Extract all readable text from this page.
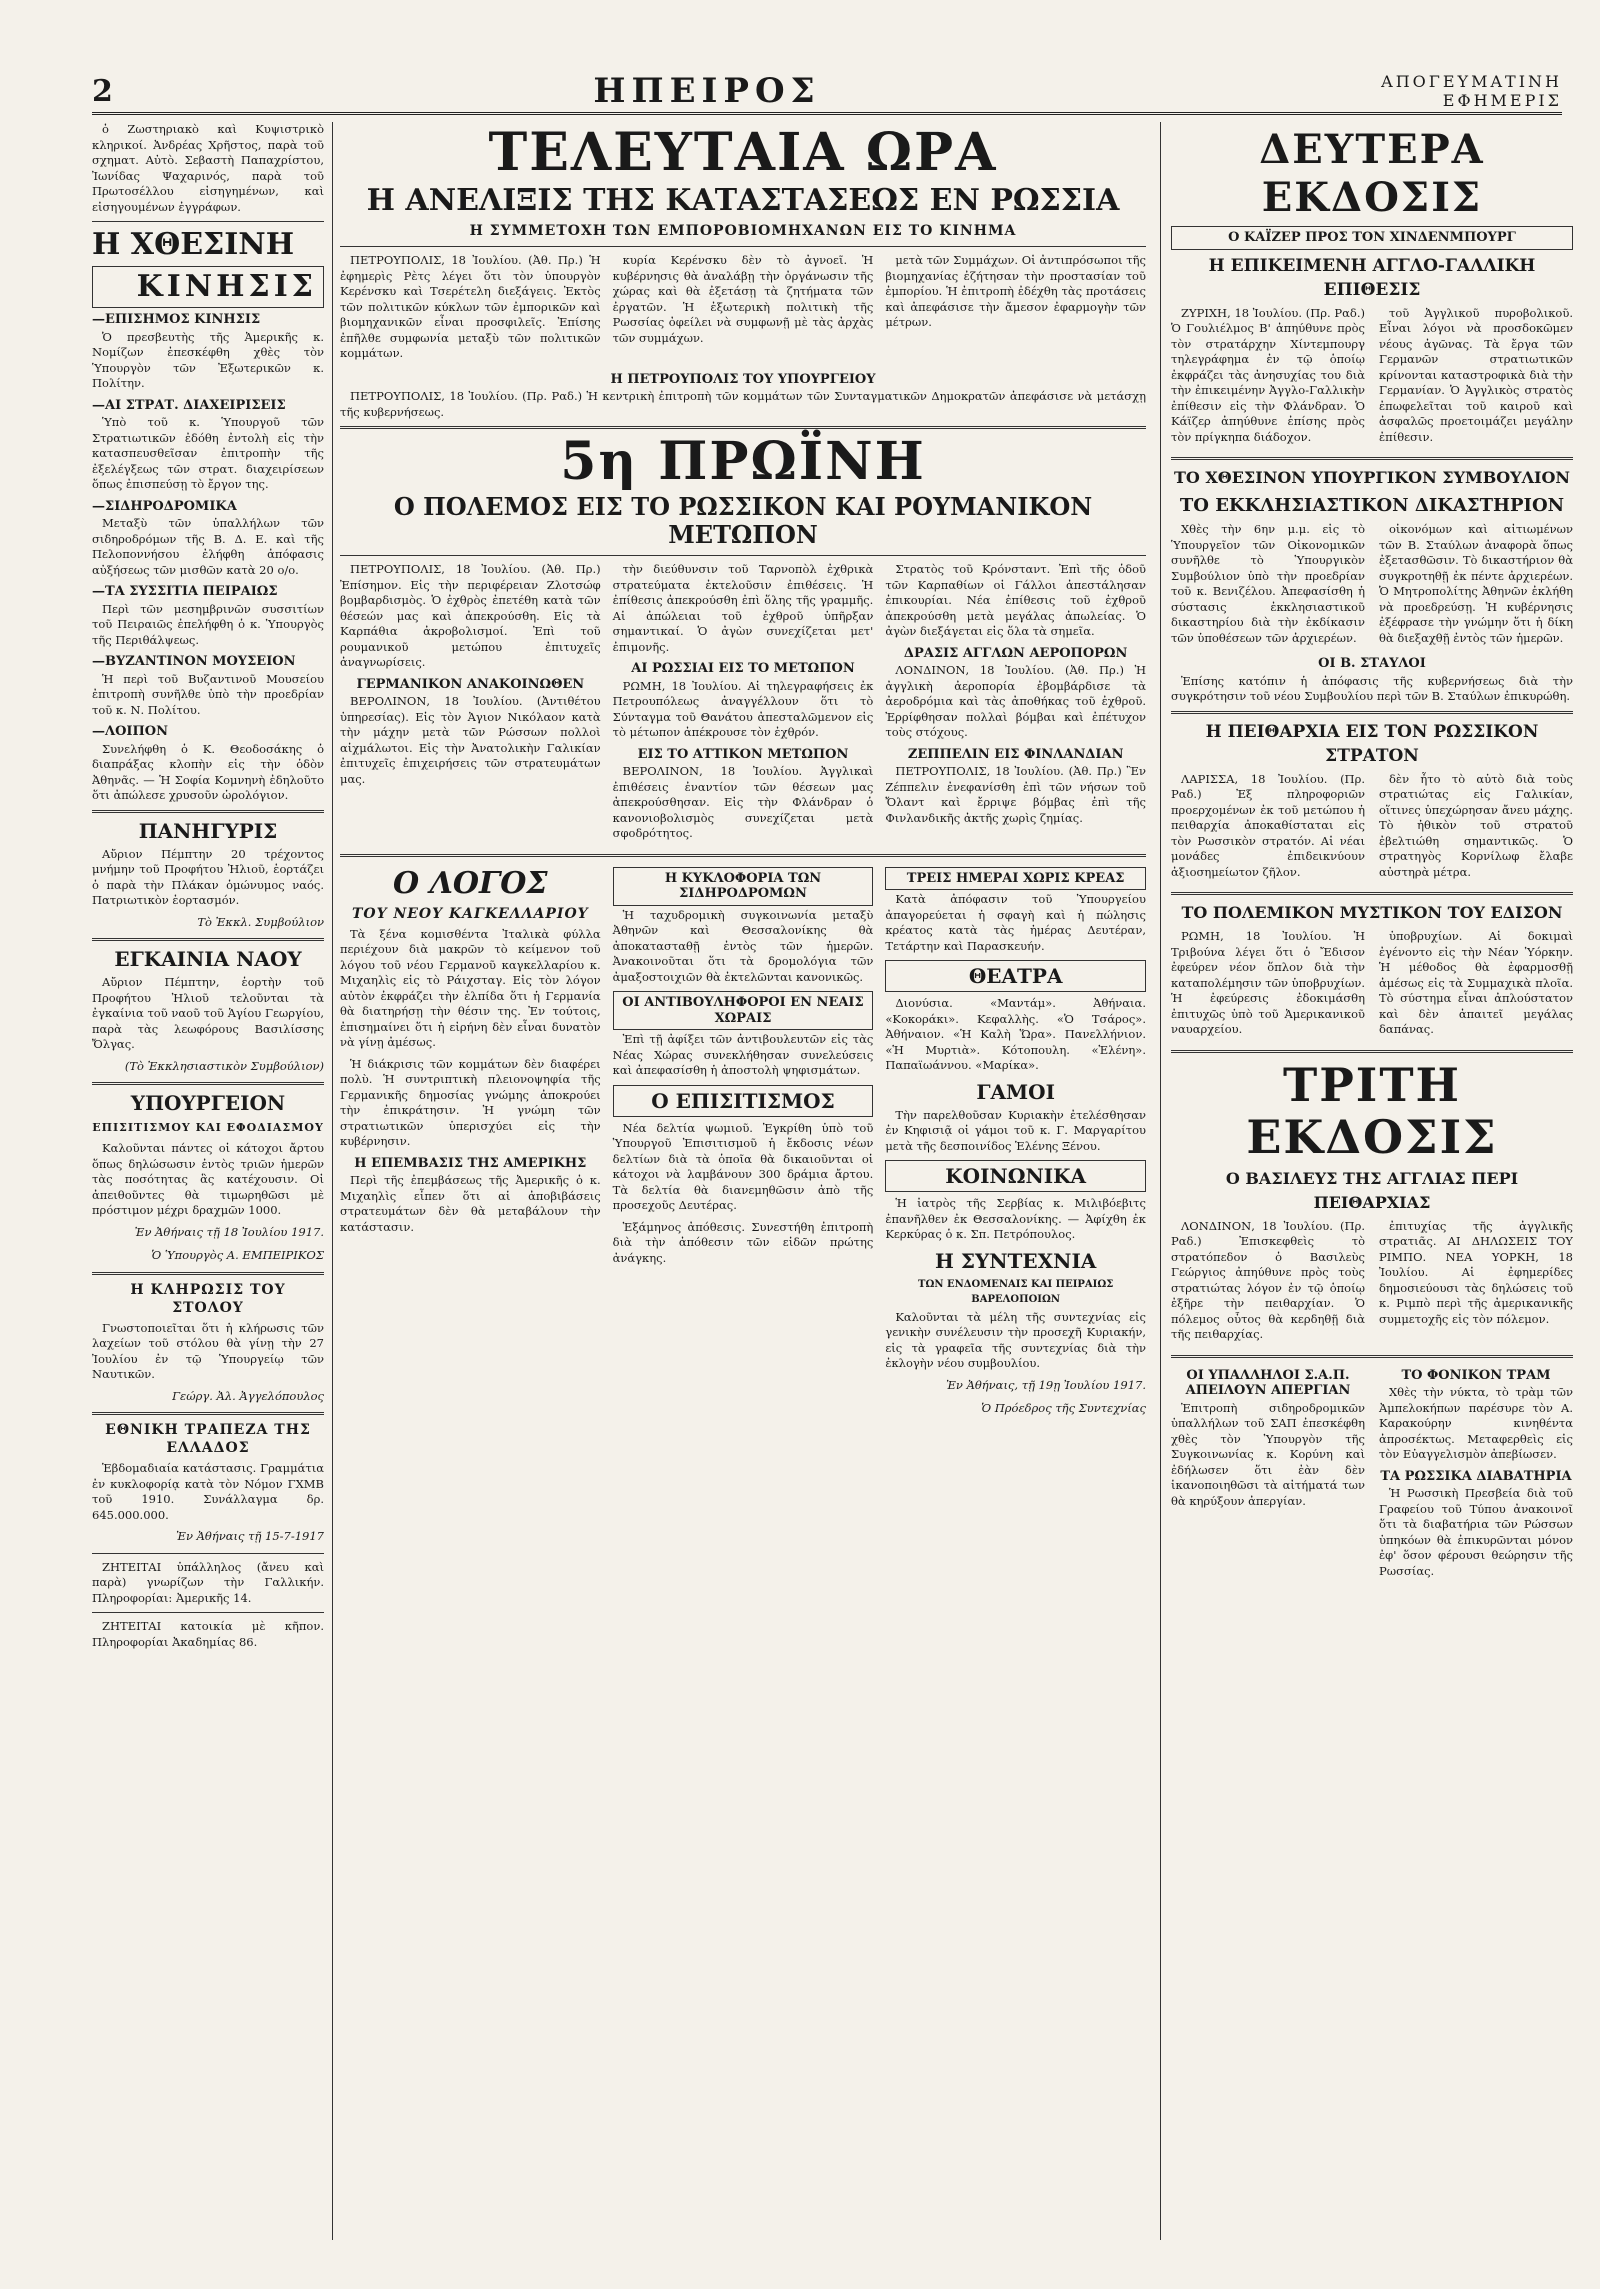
2	ΗΠΕΙΡΟΣ	ΑΠΟΓΕΥΜΑΤΙΝΗ ΕΦΗΜΕΡΙΣ

ὁ Ζωστηριακὸ καὶ Κυψιστρικὸ κληρικοί. Ἀνδρέας Χρῆστος, παρὰ τοῦ σχηματ. Αὐτὸ. Σεβαστὴ Παπαχρίστου, Ἰωνίδας Ψαχαρινός, παρὰ τοῦ Πρωτοσέλλου εἰσηγημένων, καὶ εἰσηγουμένων ἐγγράφων.

Η ΧΘΕΣΙΝΗ
ΚΙΝΗΣΙΣ
—ΕΠΙΣΗΜΟΣ ΚΙΝΗΣΙΣ

Ὁ πρεσβευτὴς τῆς Ἀμερικῆς κ. Νομίζων ἐπεσκέφθη χθὲς τὸν Ὑπουργὸν τῶν Ἐξωτερικῶν κ. Πολίτην.

—ΑΙ ΣΤΡΑΤ. ΔΙΑΧΕΙΡΙΣΕΙΣ

Ὑπὸ τοῦ κ. Ὑπουργοῦ τῶν Στρατιωτικῶν ἐδόθη ἐντολὴ εἰς τὴν κατασπευσθεῖσαν ἐπιτροπὴν τῆς ἐξελέγξεως τῶν στρατ. διαχειρίσεων ὅπως ἐπισπεύσῃ τὸ ἔργον της.

—ΣΙΔΗΡΟΔΡΟΜΙΚΑ

Μεταξὺ τῶν ὑπαλλήλων τῶν σιδηροδρόμων τῆς Β. Δ. Ε. καὶ τῆς Πελοποννήσου ἐλήφθη ἀπόφασις αὐξήσεως τῶν μισθῶν κατὰ 20 ο/ο.

—ΤΑ ΣΥΣΣΙΤΙΑ ΠΕΙΡΑΙΩΣ

Περὶ τῶν μεσημβρινῶν συσσιτίων τοῦ Πειραιῶς ἐπελήφθη ὁ κ. Ὑπουργὸς τῆς Περιθάλψεως.

—ΒΥΖΑΝΤΙΝΟΝ ΜΟΥΣΕΙΟΝ

Ἡ περὶ τοῦ Βυζαντινοῦ Μουσείου ἐπιτροπὴ συνῆλθε ὑπὸ τὴν προεδρίαν τοῦ κ. Ν. Πολίτου.

—ΛΟΙΠΟΝ

Συνελήφθη ὁ Κ. Θεοδοσάκης ὁ διαπράξας κλοπὴν εἰς τὴν ὁδὸν Ἀθηνᾶς. — Ἡ Σοφία Κομνηνὴ ἐδηλοῦτο ὅτι ἀπώλεσε χρυσοῦν ὡρολόγιον.

ΠΑΝΗΓΥΡΙΣ

Αὔριον Πέμπτην 20 τρέχοντος μνήμην τοῦ Προφήτου Ἠλιοῦ, ἑορτάζει ὁ παρὰ τὴν Πλάκαν ὁμώνυμος ναός. Πατριωτικὸν ἑορτασμόν.

Τὸ Ἐκκλ. Συμβούλιον
ΕΓΚΑΙΝΙΑ ΝΑΟΥ

Αὔριον Πέμπτην, ἑορτὴν τοῦ Προφήτου Ἠλιοῦ τελοῦνται τὰ ἐγκαίνια τοῦ ναοῦ τοῦ Ἁγίου Γεωργίου, παρὰ τὰς λεωφόρους Βασιλίσσης Ὄλγας.

(Τὸ Ἐκκλησιαστικὸν Συμβούλιον)
ΥΠΟΥΡΓΕΙΟΝ
ΕΠΙΣΙΤΙΣΜΟΥ ΚΑΙ ΕΦΟΔΙΑΣΜΟΥ

Καλοῦνται πάντες οἱ κάτοχοι ἄρτου ὅπως δηλώσωσιν ἐντὸς τριῶν ἡμερῶν τὰς ποσότητας ἃς κατέχουσιν. Οἱ ἀπειθοῦντες θὰ τιμωρηθῶσι μὲ πρόστιμον μέχρι δραχμῶν 1000.

Ἐν Ἀθήναις τῇ 18 Ἰουλίου 1917.
Ὁ Ὑπουργὸς Α. ΕΜΠΕΙΡΙΚΟΣ
Η ΚΛΗΡΩΣΙΣ ΤΟΥ ΣΤΟΛΟΥ

Γνωστοποιεῖται ὅτι ἡ κλήρωσις τῶν λαχείων τοῦ στόλου θὰ γίνῃ τὴν 27 Ἰουλίου ἐν τῷ Ὑπουργείῳ τῶν Ναυτικῶν.

Γεώργ. Ἀλ. Ἀγγελόπουλος
ΕΘΝΙΚΗ ΤΡΑΠΕΖΑ ΤΗΣ ΕΛΛΑΔΟΣ

Ἑβδομαδιαία κατάστασις. Γραμμάτια ἐν κυκλοφορίᾳ κατὰ τὸν Νόμον ΓΧΜΒ τοῦ 1910. Συνάλλαγμα δρ. 645.000.000.

Ἐν Ἀθήναις τῇ 15-7-1917

ΖΗΤΕΙΤΑΙ ὑπάλληλος (ἄνευ καὶ παρὰ) γνωρίζων τὴν Γαλλικήν. Πληροφορίαι: Ἀμερικῆς 14.

ΖΗΤΕΙΤΑΙ κατοικία μὲ κῆπον. Πληροφορίαι Ἀκαδημίας 86.

ΤΕΛΕΥΤΑΙΑ ΩΡΑ
Η ΑΝΕΛΙΞΙΣ ΤΗΣ ΚΑΤΑΣΤΑΣΕΩΣ ΕΝ ΡΩΣΣΙΑ
Η ΣΥΜΜΕΤΟΧΗ ΤΩΝ ΕΜΠΟΡΟΒΙΟΜΗΧΑΝΩΝ ΕΙΣ ΤΟ ΚΙΝΗΜΑ

ΠΕΤΡΟΥΠΟΛΙΣ, 18 Ἰουλίου. (Ἀθ. Πρ.) Ἡ ἐφημερὶς Ρὲτς λέγει ὅτι τὸν ὑπουργὸν Κερένσκυ καὶ Τσερέτελη διεξάγεις. Ἐκτὸς τῶν πολιτικῶν κύκλων τῶν ἐμπορικῶν καὶ βιομηχανικῶν εἶναι προσφιλεῖς. Ἐπίσης ἐπῆλθε συμφωνία μεταξὺ τῶν πολιτικῶν κομμάτων.

κυρία Κερένσκυ δὲν τὸ ἀγνοεῖ. Ἡ κυβέρνησις θὰ ἀναλάβῃ τὴν ὀργάνωσιν τῆς χώρας καὶ θὰ ἐξετάσῃ τὰ ζητήματα τῶν ἐργατῶν. Ἡ ἐξωτερικὴ πολιτικὴ τῆς Ρωσσίας ὀφείλει νὰ συμφωνῇ μὲ τὰς ἀρχὰς τῶν συμμάχων.

μετὰ τῶν Συμμάχων. Οἱ ἀντιπρόσωποι τῆς βιομηχανίας ἐζήτησαν τὴν προστασίαν τοῦ ἐμπορίου. Ἡ ἐπιτροπὴ ἐδέχθη τὰς προτάσεις καὶ ἀπεφάσισε τὴν ἄμεσον ἐφαρμογὴν τῶν μέτρων.

Η ΠΕΤΡΟΥΠΟΛΙΣ ΤΟΥ ΥΠΟΥΡΓΕΙΟΥ

ΠΕΤΡΟΥΠΟΛΙΣ, 18 Ἰουλίου. (Πρ. Ραδ.) Ἡ κεντρικὴ ἐπιτροπὴ τῶν κομμάτων τῶν Συνταγματικῶν Δημοκρατῶν ἀπεφάσισε νὰ μετάσχῃ τῆς κυβερνήσεως.

5η ΠΡΩΪΝΗ
Ο ΠΟΛΕΜΟΣ ΕΙΣ ΤΟ ΡΩΣΣΙΚΟΝ ΚΑΙ ΡΟΥΜΑΝΙΚΟΝ ΜΕΤΩΠΟΝ

ΠΕΤΡΟΥΠΟΛΙΣ, 18 Ἰουλίου. (Ἀθ. Πρ.) Ἐπίσημον. Εἰς τὴν περιφέρειαν Ζλοτσώφ βομβαρδισμὸς. Ὁ ἐχθρὸς ἐπετέθη κατὰ τῶν θέσεών μας καὶ ἀπεκρούσθη. Εἰς τὰ Καρπάθια ἀκροβολισμοί. Ἐπὶ τοῦ ρουμανικοῦ μετώπου ἐπιτυχεῖς ἀναγνωρίσεις.

ΓΕΡΜΑΝΙΚΟΝ ΑΝΑΚΟΙΝΩΘΕΝ

ΒΕΡΟΛΙΝΟΝ, 18 Ἰουλίου. (Ἀντιθέτου ὑπηρεσίας). Εἰς τὸν Ἀγιον Νικόλαον κατὰ τὴν μάχην μετὰ τῶν Ρώσσων πολλοὶ αἰχμάλωτοι. Εἰς τὴν Ἀνατολικὴν Γαλικίαν ἐπιτυχεῖς ἐπιχειρήσεις τῶν στρατευμάτων μας.

τὴν διεύθυνσιν τοῦ Ταρνοπὸλ ἐχθρικὰ στρατεύματα ἐκτελοῦσιν ἐπιθέσεις. Ἡ ἐπίθεσις ἀπεκρούσθη ἐπὶ ὅλης τῆς γραμμῆς. Αἱ ἀπώλειαι τοῦ ἐχθροῦ ὑπῆρξαν σημαντικαί. Ὁ ἀγὼν συνεχίζεται μετ' ἐπιμονῆς.

ΑΙ ΡΩΣΣΙΑΙ ΕΙΣ ΤΟ ΜΕΤΩΠΟΝ

ΡΩΜΗ, 18 Ἰουλίου. Αἱ τηλεγραφήσεις ἐκ Πετρουπόλεως ἀναγγέλλουν ὅτι τὸ Σύνταγμα τοῦ Θανάτου ἀπεσταλῶμενον εἰς τὸ μέτωπον ἀπέκρουσε τὸν ἐχθρόν.

ΕΙΣ ΤΟ ΑΤΤΙΚΟΝ ΜΕΤΩΠΟΝ

ΒΕΡΟΛΙΝΟΝ, 18 Ἰουλίου. Ἀγγλικαὶ ἐπιθέσεις ἐναντίον τῶν θέσεων μας ἀπεκρούσθησαν. Εἰς τὴν Φλάνδραν ὁ κανονιοβολισμὸς συνεχίζεται μετὰ σφοδρότητος.

Στρατὸς τοῦ Κρόνσταντ. Ἐπὶ τῆς ὁδοῦ τῶν Καρπαθίων οἱ Γάλλοι ἀπεστάλησαν ἐπικουρίαι. Νέα ἐπίθεσις τοῦ ἐχθροῦ ἀπεκρούσθη μετὰ μεγάλας ἀπωλείας. Ὁ ἀγὼν διεξάγεται εἰς ὅλα τὰ σημεῖα.

ΔΡΑΣΙΣ ΑΓΓΛΩΝ ΑΕΡΟΠΟΡΩΝ

ΛΟΝΔΙΝΟΝ, 18 Ἰουλίου. (Ἀθ. Πρ.) Ἡ ἀγγλικὴ ἀεροπορία ἐβομβάρδισε τὰ ἀεροδρόμια καὶ τὰς ἀποθήκας τοῦ ἐχθροῦ. Ἐρρίφθησαν πολλαὶ βόμβαι καὶ ἐπέτυχον τοὺς στόχους.

ΖΕΠΠΕΛΙΝ ΕΙΣ ΦΙΝΛΑΝΔΙΑΝ

ΠΕΤΡΟΥΠΟΛΙΣ, 18 Ἰουλίου. (Ἀθ. Πρ.) Ἓν Ζέππελιν ἐνεφανίσθη ἐπὶ τῶν νήσων τοῦ Ὄλαντ καὶ ἔρριψε βόμβας ἐπὶ τῆς Φινλανδικῆς ἀκτῆς χωρὶς ζημίας.

Ο ΛΟΓΟΣ
ΤΟΥ ΝΕΟΥ ΚΑΓΚΕΛΛΑΡΙΟΥ

Τὰ ξένα κομισθέντα Ἰταλικὰ φύλλα περιέχουν διὰ μακρῶν τὸ κείμενον τοῦ λόγου τοῦ νέου Γερμανοῦ καγκελλαρίου κ. Μιχαηλὶς εἰς τὸ Ράιχσταγ. Εἰς τὸν λόγον αὐτὸν ἐκφράζει τὴν ἐλπίδα ὅτι ἡ Γερμανία θὰ διατηρήσῃ τὴν θέσιν της. Ἐν τούτοις, ἐπισημαίνει ὅτι ἡ εἰρήνη δὲν εἶναι δυνατὸν νὰ γίνῃ ἀμέσως.

Ἡ διάκρισις τῶν κομμάτων δὲν διαφέρει πολὺ. Ἡ συντριπτικὴ πλειονοψηφία τῆς Γερμανικῆς δημοσίας γνώμης ἀποκρούει τὴν ἐπικράτησιν. Ἡ γνώμη τῶν στρατιωτικῶν ὑπερισχύει εἰς τὴν κυβέρνησιν.

Η ΕΠΕΜΒΑΣΙΣ ΤΗΣ ΑΜΕΡΙΚΗΣ

Περὶ τῆς ἐπεμβάσεως τῆς Ἀμερικῆς ὁ κ. Μιχαηλὶς εἶπεν ὅτι αἱ ἀποβιβάσεις στρατευμάτων δὲν θὰ μεταβάλουν τὴν κατάστασιν.

Η ΚΥΚΛΟΦΟΡΙΑ ΤΩΝ ΣΙΔΗΡΟΔΡΟΜΩΝ

Ἡ ταχυδρομικὴ συγκοινωνία μεταξὺ Ἀθηνῶν καὶ Θεσσαλονίκης θὰ ἀποκατασταθῇ ἐντὸς τῶν ἡμερῶν. Ἀνακοινοῦται ὅτι τὰ δρομολόγια τῶν ἀμαξοστοιχιῶν θὰ ἐκτελῶνται κανονικῶς.

ΟΙ ΑΝΤΙΒΟΥΛΗΦΟΡΟΙ ΕΝ ΝΕΑΙΣ ΧΩΡΑΙΣ

Ἐπὶ τῇ ἀφίξει τῶν ἀντιβουλευτῶν εἰς τὰς Νέας Χώρας συνεκλήθησαν συνελεύσεις καὶ ἀπεφασίσθη ἡ ἀποστολὴ ψηφισμάτων.

Ο ΕΠΙΣΙΤΙΣΜΟΣ

Νέα δελτία ψωμιοῦ. Ἐγκρίθη ὑπὸ τοῦ Ὑπουργοῦ Ἐπισιτισμοῦ ἡ ἔκδοσις νέων δελτίων διὰ τὰ ὁποῖα θὰ δικαιοῦνται οἱ κάτοχοι νὰ λαμβάνουν 300 δράμια ἄρτου. Τὰ δελτία θὰ διανεμηθῶσιν ἀπὸ τῆς προσεχοῦς Δευτέρας.

Ἑξάμηνος ἀπόθεσις. Συνεστήθη ἐπιτροπὴ διὰ τὴν ἀπόθεσιν τῶν εἰδῶν πρώτης ἀνάγκης.

ΤΡΕΙΣ ΗΜΕΡΑΙ ΧΩΡΙΣ ΚΡΕΑΣ

Κατὰ ἀπόφασιν τοῦ Ὑπουργείου ἀπαγορεύεται ἡ σφαγὴ καὶ ἡ πώλησις κρέατος κατὰ τὰς ἡμέρας Δευτέραν, Τετάρτην καὶ Παρασκευήν.

ΘΕΑΤΡΑ

Διονύσια. «Μαντάμ». Ἀθήναια. «Κοκοράκι». Κεφαλλὴς. «Ὁ Τσάρος». Ἀθήναιον. «Ἡ Καλὴ Ὥρα». Πανελλήνιον. «Ἡ Μυρτιὰ». Κότοπουλη. «Ἑλένη». Παπαϊωάννου. «Μαρίκα».

ΓΑΜΟΙ

Τὴν παρελθοῦσαν Κυριακὴν ἐτελέσθησαν ἐν Κηφισιᾷ οἱ γάμοι τοῦ κ. Γ. Μαργαρίτου μετὰ τῆς δεσποινίδος Ἑλένης Ξένου.

ΚΟΙΝΩΝΙΚΑ

Ἡ ἰατρὸς τῆς Σερβίας κ. Μιλιβόεβιτς ἐπανῆλθεν ἐκ Θεσσαλονίκης. — Ἀφίχθη ἐκ Κερκύρας ὁ κ. Σπ. Πετρόπουλος.

Η ΣΥΝΤΕΧΝΙΑ
ΤΩΝ ΕΝΔΟΜΕΝΑΙΣ ΚΑΙ ΠΕΙΡΑΙΩΣ ΒΑΡΕΛΟΠΟΙΩΝ

Καλοῦνται τὰ μέλη τῆς συντεχνίας εἰς γενικὴν συνέλευσιν τὴν προσεχῆ Κυριακήν, εἰς τὰ γραφεῖα τῆς συντεχνίας διὰ τὴν ἐκλογὴν νέου συμβουλίου.

Ἐν Ἀθήναις, τῇ 19ῃ Ἰουλίου 1917.
Ὁ Πρόεδρος τῆς Συντεχνίας
ΔΕΥΤΕΡΑ ΕΚΔΟΣΙΣ
Ο ΚΑΪΖΕΡ ΠΡΟΣ ΤΟΝ ΧΙΝΔΕΝΜΠΟΥΡΓ
Η ΕΠΙΚΕΙΜΕΝΗ ΑΓΓΛΟ-ΓΑΛΛΙΚΗ ΕΠΙΘΕΣΙΣ

ΖΥΡΙΧΗ, 18 Ἰουλίου. (Πρ. Ραδ.) Ὁ Γουλιέλμος Β' ἀπηύθυνε πρὸς τὸν στρατάρχην Χίντεμπουργ τηλεγράφημα ἐν τῷ ὁποίῳ ἐκφράζει τὰς ἀνησυχίας του διὰ τὴν ἐπικειμένην Ἀγγλο-Γαλλικὴν ἐπίθεσιν εἰς τὴν Φλάνδραν. Ὁ Κάϊζερ ἀπηύθυνε ἐπίσης πρὸς τὸν πρίγκηπα διάδοχον.

τοῦ Ἀγγλικοῦ πυροβολικοῦ. Εἶναι λόγοι νὰ προσδοκῶμεν νέους ἀγῶνας. Τὰ ἔργα τῶν Γερμανῶν στρατιωτικῶν κρίνονται καταστροφικὰ διὰ τὴν Γερμανίαν. Ὁ Ἀγγλικὸς στρατὸς ἐπωφελεῖται τοῦ καιροῦ καὶ ἀσφαλῶς προετοιμάζει μεγάλην ἐπίθεσιν.

ΤΟ ΧΘΕΣΙΝΟΝ ΥΠΟΥΡΓΙΚΟΝ ΣΥΜΒΟΥΛΙΟΝ
ΤΟ ΕΚΚΛΗΣΙΑΣΤΙΚΟΝ ΔΙΚΑΣΤΗΡΙΟΝ

Χθὲς τὴν 6ην μ.μ. εἰς τὸ Ὑπουργεῖον τῶν Οἰκονομικῶν συνῆλθε τὸ Ὑπουργικὸν Συμβούλιον ὑπὸ τὴν προεδρίαν τοῦ κ. Βενιζέλου. Ἀπεφασίσθη ἡ σύστασις ἐκκλησιαστικοῦ δικαστηρίου διὰ τὴν ἐκδίκασιν τῶν ὑποθέσεων τῶν ἀρχιερέων.

οἰκονόμων καὶ αἰτιωμένων τῶν Β. Σταύλων ἀναφορὰ ὅπως ἐξετασθῶσιν. Τὸ δικαστήριον θὰ συγκροτηθῇ ἐκ πέντε ἀρχιερέων. Ὁ Μητροπολίτης Ἀθηνῶν ἐκλήθη νὰ προεδρεύσῃ. Ἡ κυβέρνησις ἐξέφρασε τὴν γνώμην ὅτι ἡ δίκη θὰ διεξαχθῇ ἐντὸς τῶν ἡμερῶν.

ΟΙ Β. ΣΤΑΥΛΟΙ

Ἐπίσης κατόπιν ἡ ἀπόφασις τῆς κυβερνήσεως διὰ τὴν συγκρότησιν τοῦ νέου Συμβουλίου περὶ τῶν Β. Σταύλων ἐπικυρώθη.

Η ΠΕΙΘΑΡΧΙΑ ΕΙΣ ΤΟΝ ΡΩΣΣΙΚΟΝ ΣΤΡΑΤΟΝ

ΛΑΡΙΣΣΑ, 18 Ἰουλίου. (Πρ. Ραδ.) Ἐξ πληροφοριῶν προερχομένων ἐκ τοῦ μετώπου ἡ πειθαρχία ἀποκαθίσταται εἰς τὸν Ρωσσικὸν στρατόν. Αἱ νέαι μονάδες ἐπιδεικνύουν ἀξιοσημείωτον ζῆλον.

δὲν ἦτο τὸ αὐτὸ διὰ τοὺς στρατιώτας εἰς Γαλικίαν, οἵτινες ὑπεχώρησαν ἄνευ μάχης. Τὸ ἠθικὸν τοῦ στρατοῦ ἐβελτιώθη σημαντικῶς. Ὁ στρατηγὸς Κορνίλωφ ἔλαβε αὐστηρὰ μέτρα.

ΤΟ ΠΟΛΕΜΙΚΟΝ ΜΥΣΤΙΚΟΝ ΤΟΥ ΕΔΙΣΟΝ

ΡΩΜΗ, 18 Ἰουλίου. Ἡ Τριβούνα λέγει ὅτι ὁ Ἔδισον ἐφεύρεν νέον ὅπλον διὰ τὴν καταπολέμησιν τῶν ὑποβρυχίων. Ἡ ἐφεύρεσις ἐδοκιμάσθη ἐπιτυχῶς ὑπὸ τοῦ Ἀμερικανικοῦ ναυαρχείου.

ὑποβρυχίων. Αἱ δοκιμαὶ ἐγένοντο εἰς τὴν Νέαν Ὑόρκην. Ἡ μέθοδος θὰ ἐφαρμοσθῇ ἀμέσως εἰς τὰ Συμμαχικὰ πλοῖα. Τὸ σύστημα εἶναι ἀπλούστατον καὶ δὲν ἀπαιτεῖ μεγάλας δαπάνας.

ΤΡΙΤΗ ΕΚΔΟΣΙΣ
Ο ΒΑΣΙΛΕΥΣ ΤΗΣ ΑΓΓΛΙΑΣ ΠΕΡΙ ΠΕΙΘΑΡΧΙΑΣ

ΛΟΝΔΙΝΟΝ, 18 Ἰουλίου. (Πρ. Ραδ.) Ἐπισκεφθεὶς τὸ στρατόπεδον ὁ Βασιλεὺς Γεώργιος ἀπηύθυνε πρὸς τοὺς στρατιώτας λόγον ἐν τῷ ὁποίῳ ἐξῆρε τὴν πειθαρχίαν. Ὁ πόλεμος οὗτος θὰ κερδηθῇ διὰ τῆς πειθαρχίας.

ἐπιτυχίας τῆς ἀγγλικῆς στρατιᾶς. ΑΙ ΔΗΛΩΣΕΙΣ ΤΟΥ ΡΙΜΠΟ. ΝΕΑ ΥΟΡΚΗ, 18 Ἰουλίου. Αἱ ἐφημερίδες δημοσιεύουσι τὰς δηλώσεις τοῦ κ. Ριμπὸ περὶ τῆς ἀμερικανικῆς συμμετοχῆς εἰς τὸν πόλεμον.

ΟΙ ΥΠΑΛΛΗΛΟΙ Σ.Α.Π. ΑΠΕΙΛΟΥΝ ΑΠΕΡΓΙΑΝ

Ἐπιτροπὴ σιδηροδρομικῶν ὑπαλλήλων τοῦ ΣΑΠ ἐπεσκέφθη χθὲς τὸν Ὑπουργὸν τῆς Συγκοινωνίας κ. Κορύνη καὶ ἐδήλωσεν ὅτι ἐὰν δὲν ἱκανοποιηθῶσι τὰ αἰτήματά των θὰ κηρύξουν ἀπεργίαν.

ΤΟ ΦΟΝΙΚΟΝ ΤΡΑΜ

Χθὲς τὴν νύκτα, τὸ τρὰμ τῶν Ἀμπελοκήπων παρέσυρε τὸν Α. Καρακούρην κινηθέντα ἀπροσέκτως. Μεταφερθεὶς εἰς τὸν Εὐαγγελισμὸν ἀπεβίωσεν.

ΤΑ ΡΩΣΣΙΚΑ ΔΙΑΒΑΤΗΡΙΑ

Ἡ Ρωσσικὴ Πρεσβεία διὰ τοῦ Γραφείου τοῦ Τύπου ἀνακοινοῖ ὅτι τὰ διαβατήρια τῶν Ρώσσων ὑπηκόων θὰ ἐπικυρῶνται μόνον ἐφ' ὅσον φέρουσι θεώρησιν τῆς Ρωσσίας.
